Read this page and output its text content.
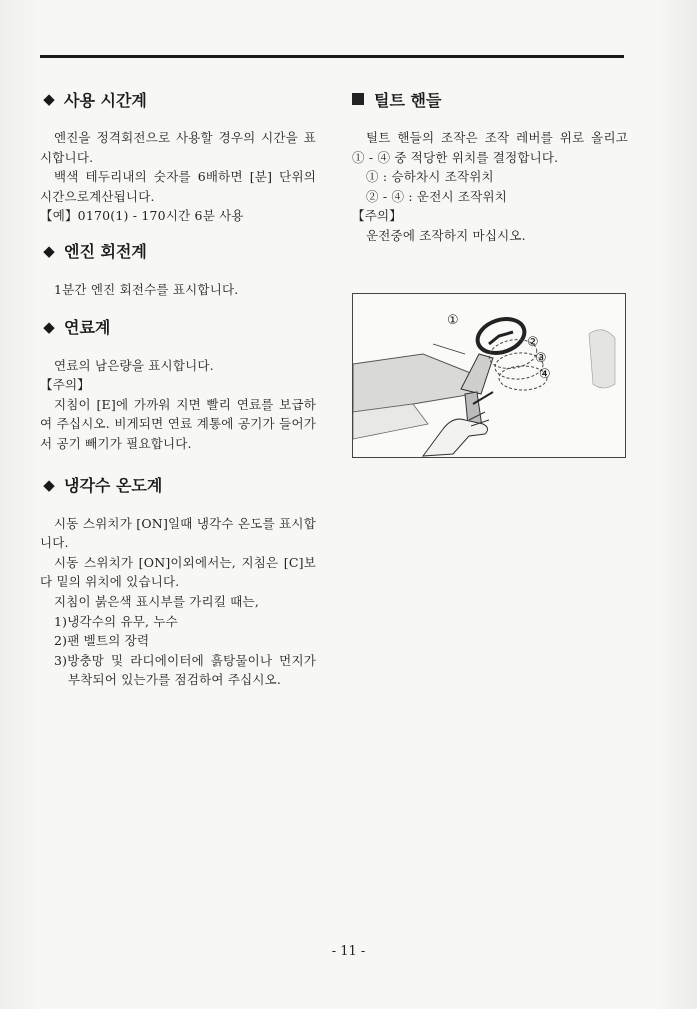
◆ 사용 시간계

엔진을 정격회전으로 사용할 경우의 시간을 표시합니다.

백색 테두리내의 숫자를 6배하면 [분] 단위의 시간으로계산됩니다.

【예】0170(1) - 170시간 6분 사용

◆ 엔진 회전계

1분간 엔진 회전수를 표시합니다.

◆ 연료계

연료의 남은량을 표시합니다.

【주의】

지침이 [E]에 가까워 지면 빨리 연료를 보급하여 주십시오. 비게되면 연료 계통에 공기가 들어가서 공기 빼기가 필요합니다.

◆ 냉각수 온도계

시동 스위치가 [ON]일때 냉각수 온도를 표시합니다.

시동 스위치가 [ON]이외에서는, 지침은 [C]보다 밑의 위치에 있습니다.

지침이 붉은색 표시부를 가리킬 때는,

1)냉각수의 유무, 누수

2)팬 벨트의 장력

3)방충망 및 라디에이터에 흙탕물이나 먼지가 부착되어 있는가를 점검하여 주십시오.

틸트 핸들

틸트 핸들의 조작은 조작 레버를 위로 올리고 ① - ④ 중 적당한 위치를 결정합니다.

① : 승하차시 조작위치

② - ④ : 운전시 조작위치

【주의】

운전중에 조작하지 마십시오.

①
②
③
④
- 11 -
